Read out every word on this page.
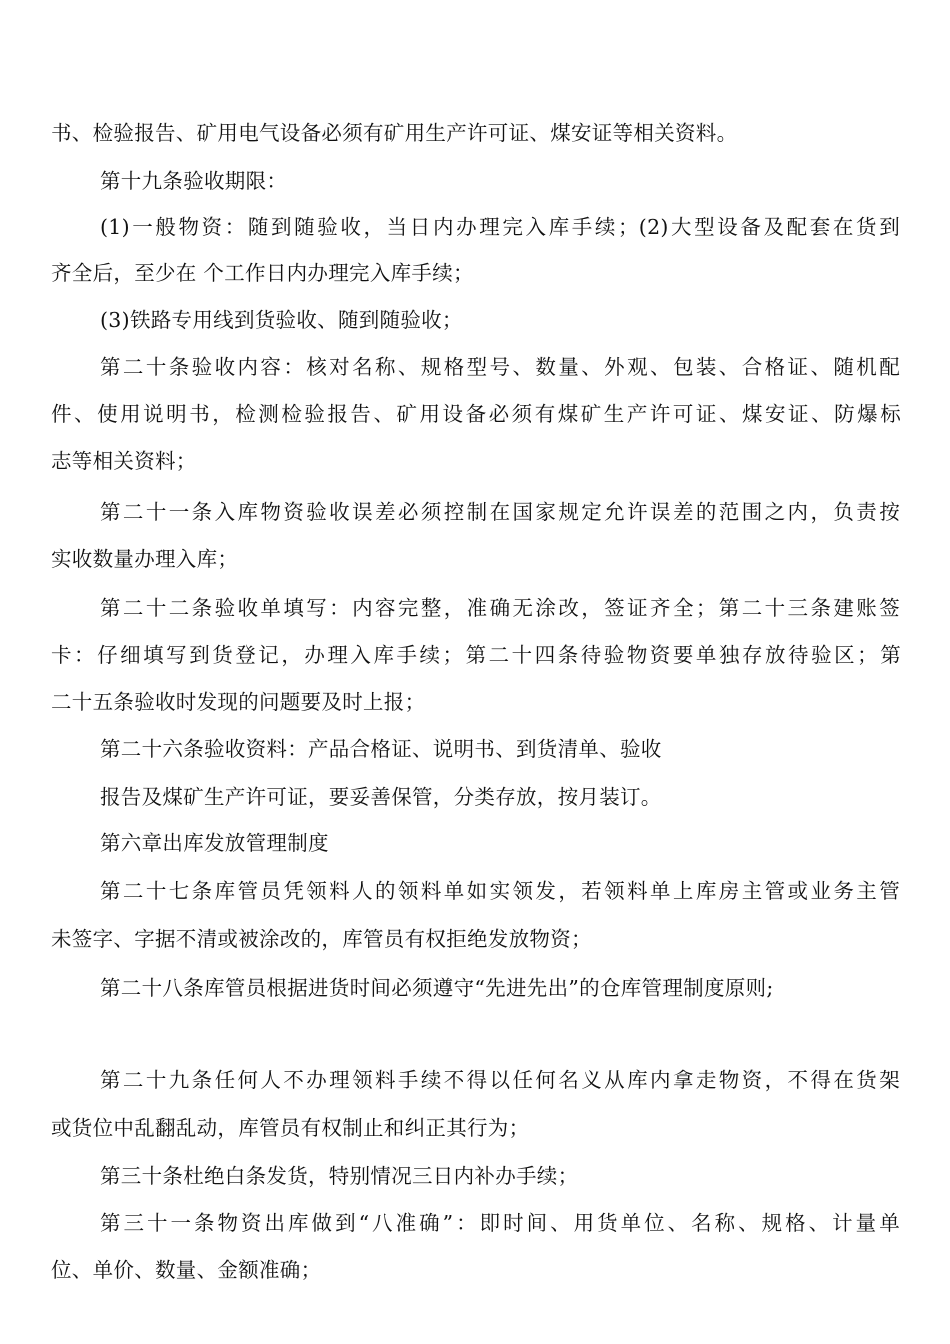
书、检验报告、矿用电气设备必须有矿用生产许可证、煤安证等相关资料。
第十九条验收期限：
(1)一般物资：随到随验收，当日内办理完入库手续；(2)大型设备及配套在货到
齐全后，至少在 个工作日内办理完入库手续；
(3)铁路专用线到货验收、随到随验收；
第二十条验收内容：核对名称、规格型号、数量、外观、包装、合格证、随机配
件、使用说明书，检测检验报告、矿用设备必须有煤矿生产许可证、煤安证、防爆标
志等相关资料；
第二十一条入库物资验收误差必须控制在国家规定允许误差的范围之内，负责按
实收数量办理入库；
第二十二条验收单填写：内容完整，准确无涂改，签证齐全；第二十三条建账签
卡：仔细填写到货登记，办理入库手续；第二十四条待验物资要单独存放待验区；第
二十五条验收时发现的问题要及时上报；
第二十六条验收资料：产品合格证、说明书、到货清单、验收
报告及煤矿生产许可证，要妥善保管，分类存放，按月装订。
第六章出库发放管理制度
第二十七条库管员凭领料人的领料单如实领发，若领料单上库房主管或业务主管
未签字、字据不清或被涂改的，库管员有权拒绝发放物资；
第二十八条库管员根据进货时间必须遵守“先进先出”的仓库管理制度原则;
第二十九条任何人不办理领料手续不得以任何名义从库内拿走物资，不得在货架
或货位中乱翻乱动，库管员有权制止和纠正其行为；
第三十条杜绝白条发货，特别情况三日内补办手续；
第三十一条物资出库做到“八准确”：即时间、用货单位、名称、规格、计量单
位、单价、数量、金额准确；
